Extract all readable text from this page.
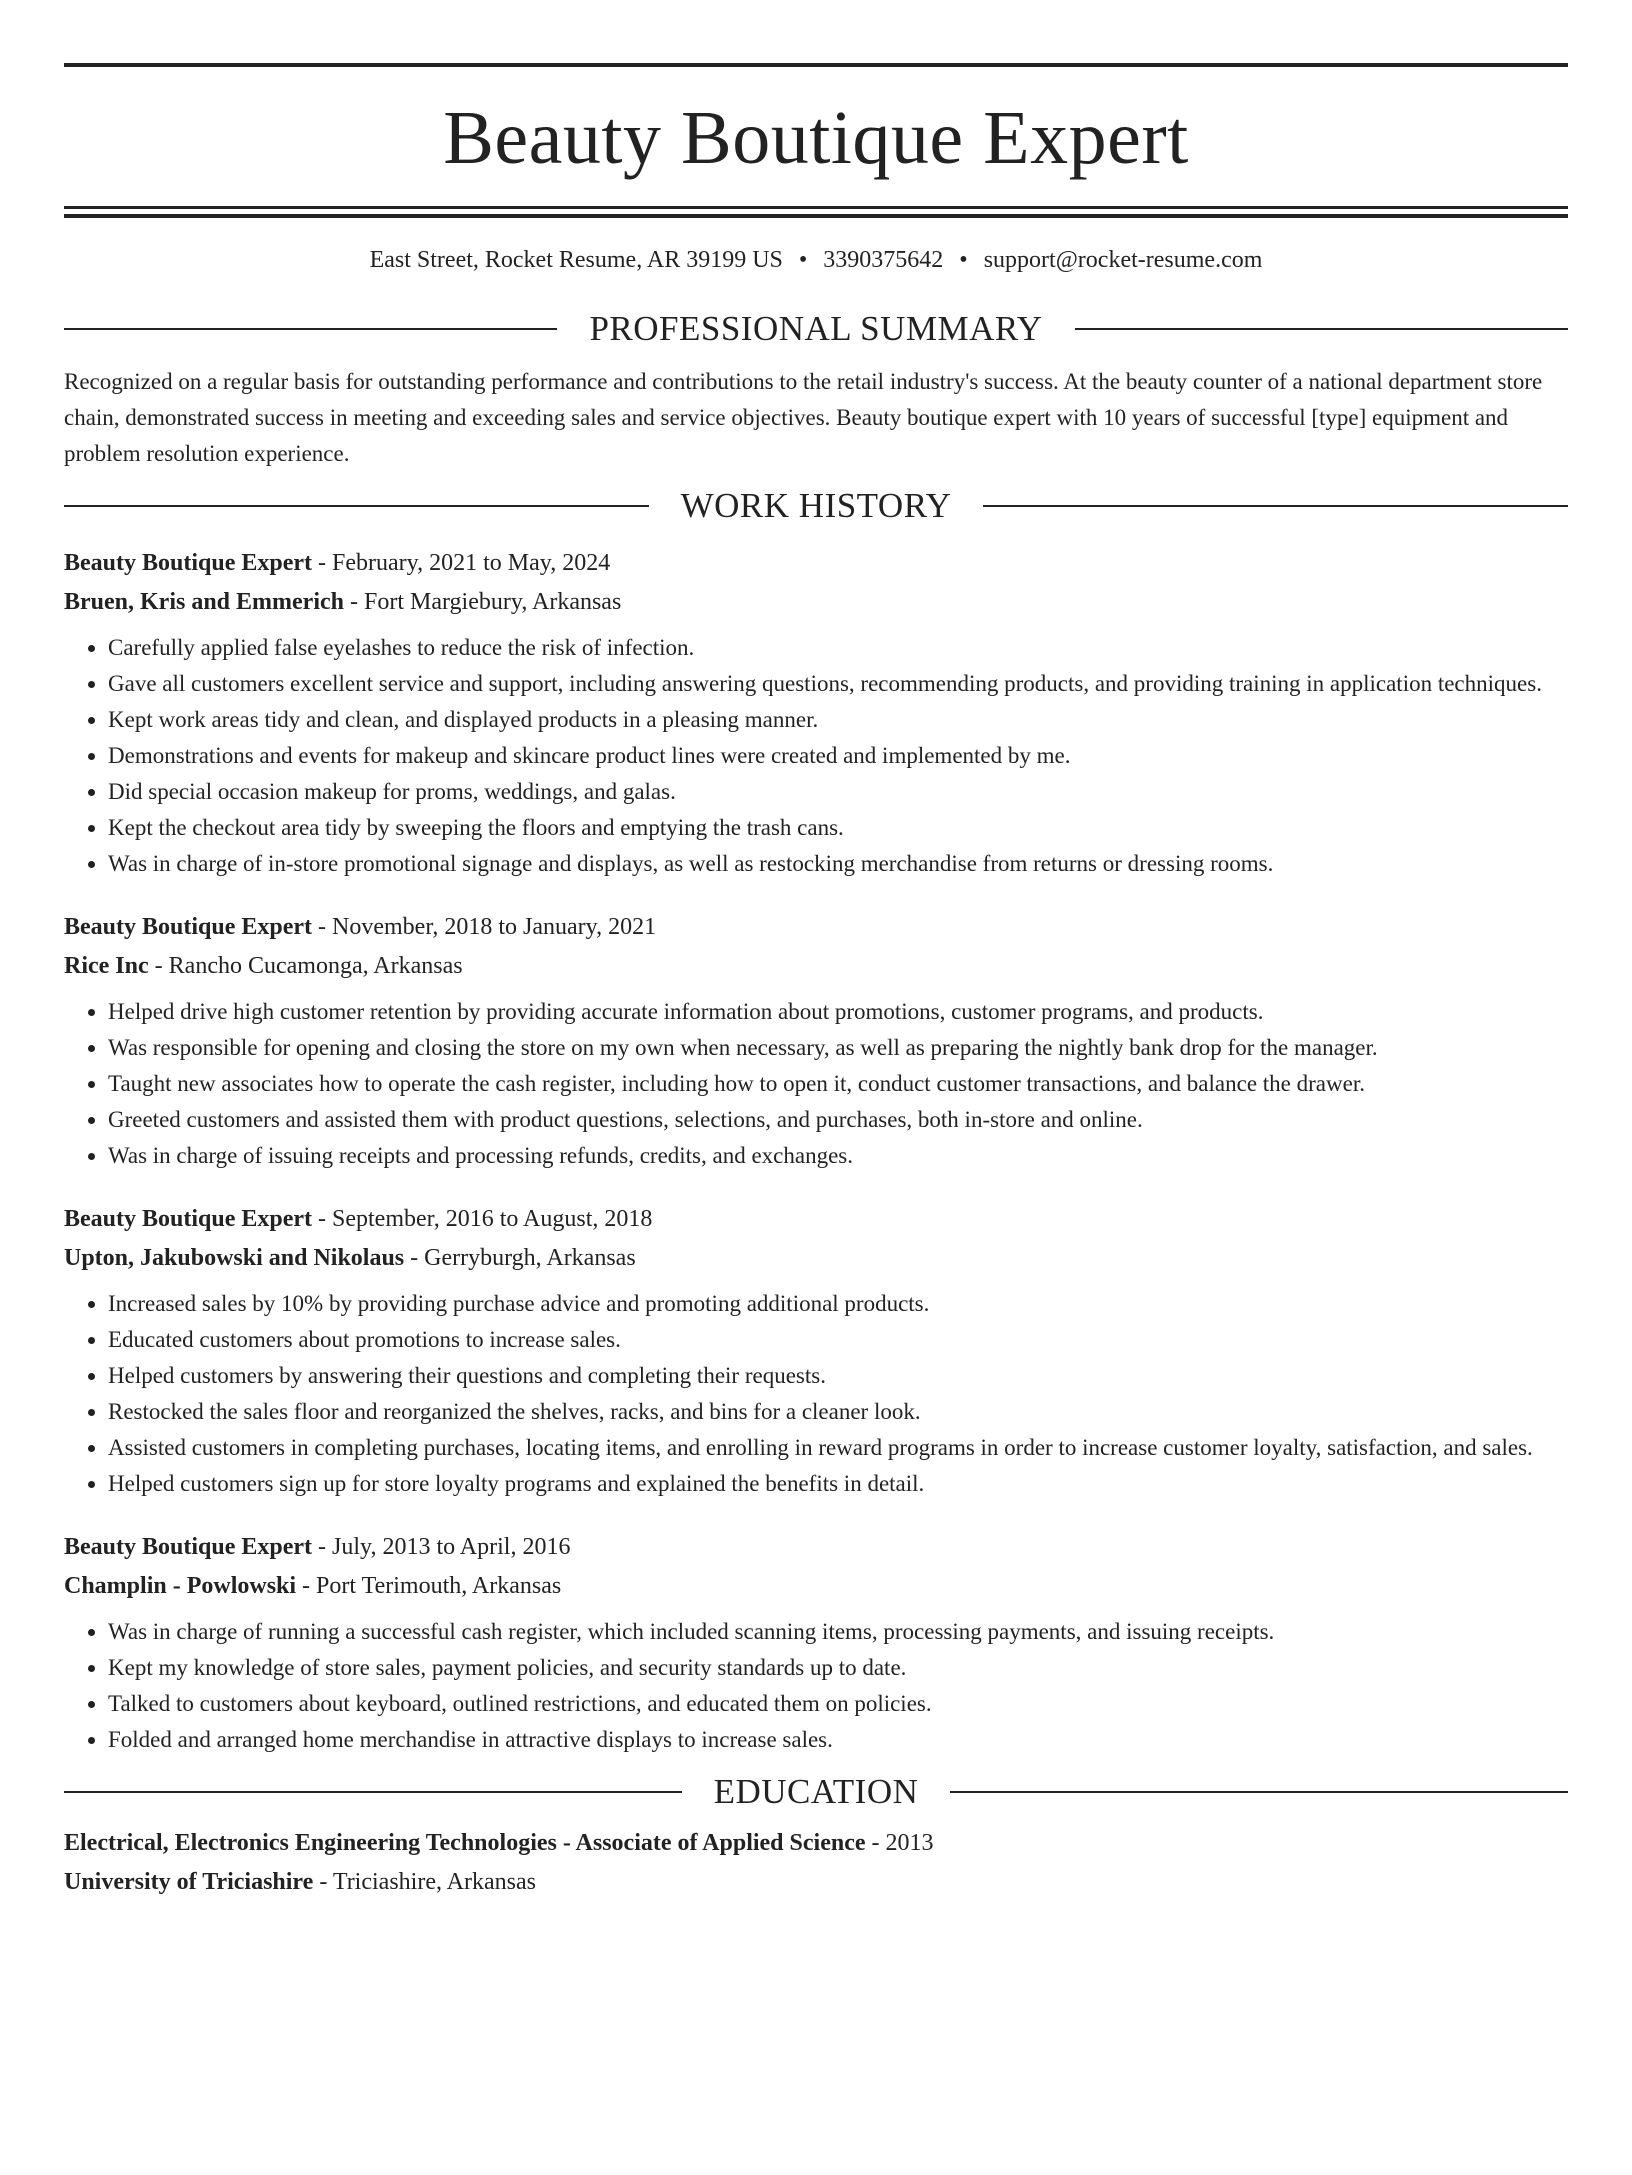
Beauty Boutique Expert
East Street, Rocket Resume, AR 39199 US • 3390375642 • support@rocket-resume.com
PROFESSIONAL SUMMARY
Recognized on a regular basis for outstanding performance and contributions to the retail industry's success. At the beauty counter of a national department store chain, demonstrated success in meeting and exceeding sales and service objectives. Beauty boutique expert with 10 years of successful [type] equipment and problem resolution experience.
WORK HISTORY
Beauty Boutique Expert - February, 2021 to May, 2024
Bruen, Kris and Emmerich - Fort Margiebury, Arkansas
• Carefully applied false eyelashes to reduce the risk of infection.
• Gave all customers excellent service and support, including answering questions, recommending products, and providing training in application techniques.
• Kept work areas tidy and clean, and displayed products in a pleasing manner.
• Demonstrations and events for makeup and skincare product lines were created and implemented by me.
• Did special occasion makeup for proms, weddings, and galas.
• Kept the checkout area tidy by sweeping the floors and emptying the trash cans.
• Was in charge of in-store promotional signage and displays, as well as restocking merchandise from returns or dressing rooms.
Beauty Boutique Expert - November, 2018 to January, 2021
Rice Inc - Rancho Cucamonga, Arkansas
• Helped drive high customer retention by providing accurate information about promotions, customer programs, and products.
• Was responsible for opening and closing the store on my own when necessary, as well as preparing the nightly bank drop for the manager.
• Taught new associates how to operate the cash register, including how to open it, conduct customer transactions, and balance the drawer.
• Greeted customers and assisted them with product questions, selections, and purchases, both in-store and online.
• Was in charge of issuing receipts and processing refunds, credits, and exchanges.
Beauty Boutique Expert - September, 2016 to August, 2018
Upton, Jakubowski and Nikolaus - Gerryburgh, Arkansas
• Increased sales by 10% by providing purchase advice and promoting additional products.
• Educated customers about promotions to increase sales.
• Helped customers by answering their questions and completing their requests.
• Restocked the sales floor and reorganized the shelves, racks, and bins for a cleaner look.
• Assisted customers in completing purchases, locating items, and enrolling in reward programs in order to increase customer loyalty, satisfaction, and sales.
• Helped customers sign up for store loyalty programs and explained the benefits in detail.
Beauty Boutique Expert - July, 2013 to April, 2016
Champlin - Powlowski - Port Terimouth, Arkansas
• Was in charge of running a successful cash register, which included scanning items, processing payments, and issuing receipts.
• Kept my knowledge of store sales, payment policies, and security standards up to date.
• Talked to customers about keyboard, outlined restrictions, and educated them on policies.
• Folded and arranged home merchandise in attractive displays to increase sales.
EDUCATION
Electrical, Electronics Engineering Technologies - Associate of Applied Science - 2013
University of Triciashire - Triciashire, Arkansas
